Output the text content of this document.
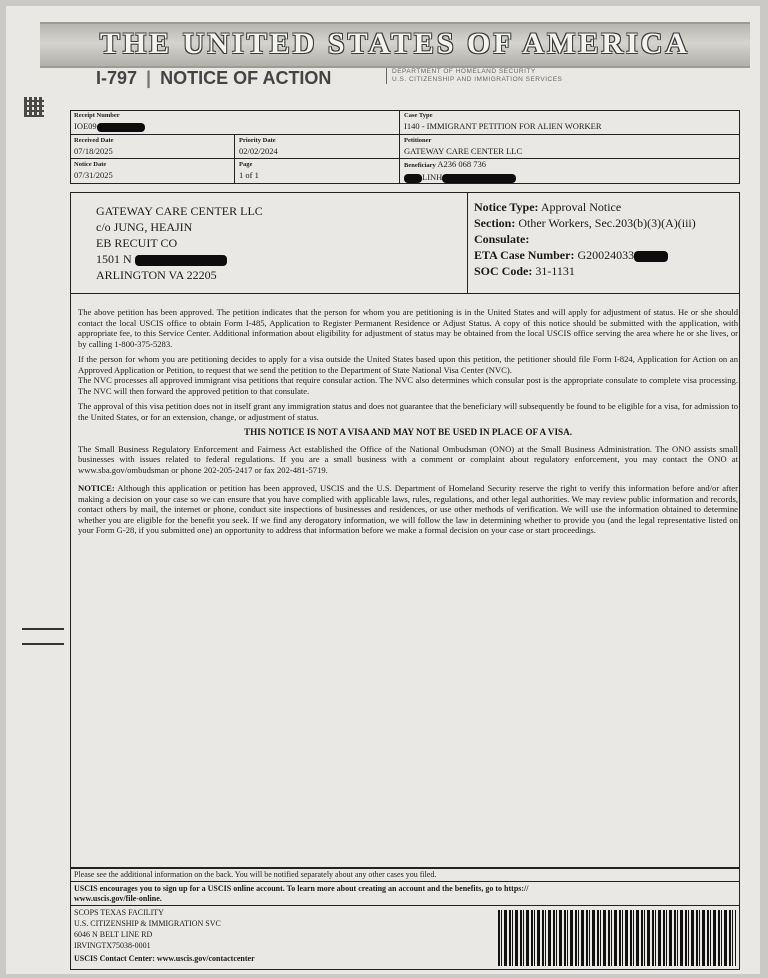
THE UNITED STATES OF AMERICA
I-797 | NOTICE OF ACTION	DEPARTMENT OF HOMELAND SECURITY
U.S. CITIZENSHIP AND IMMIGRATION SERVICES
Receipt Number
IOE09
Received Date
07/18/2025
Priority Date
02/02/2024
Notice Date
07/31/2025
Page
1 of 1
Case Type
I140 - IMMIGRANT PETITION FOR ALIEN WORKER
Petitioner
GATEWAY CARE CENTER LLC
Beneficiary A236 068 736
LINH
GATEWAY CARE CENTER LLC
c/o JUNG, HEAJIN
EB RECUIT CO
1501 N
ARLINGTON VA 22205
Notice Type: Approval Notice
Section: Other Workers, Sec.203(b)(3)(A)(iii)
Consulate:
ETA Case Number: G20024033
SOC Code: 31-1131

The above petition has been approved. The petition indicates that the person for whom you are petitioning is in the United States and will apply for adjustment of status. He or she should contact the local USCIS office to obtain Form I-485, Application to Register Permanent Residence or Adjust Status. A copy of this notice should be submitted with the application, with appropriate fee, to this Service Center. Additional information about eligibility for adjustment of status may be obtained from the local USCIS office serving the area where he or she lives, or by calling 1-800-375-5283.

If the person for whom you are petitioning decides to apply for a visa outside the United States based upon this petition, the petitioner should file Form I-824, Application for Action on an Approved Application or Petition, to request that we send the petition to the Department of State National Visa Center (NVC).

The NVC processes all approved immigrant visa petitions that require consular action. The NVC also determines which consular post is the appropriate consulate to complete visa processing. The NVC will then forward the approved petition to that consulate.

The approval of this visa petition does not in itself grant any immigration status and does not guarantee that the beneficiary will subsequently be found to be eligible for a visa, for admission to the United States, or for an extension, change, or adjustment of status.

THIS NOTICE IS NOT A VISA AND MAY NOT BE USED IN PLACE OF A VISA.

The Small Business Regulatory Enforcement and Fairness Act established the Office of the National Ombudsman (ONO) at the Small Business Administration. The ONO assists small businesses with issues related to federal regulations. If you are a small business with a comment or complaint about regulatory enforcement, you may contact the ONO at www.sba.gov/ombudsman or phone 202-205-2417 or fax 202-481-5719.

NOTICE: Although this application or petition has been approved, USCIS and the U.S. Department of Homeland Security reserve the right to verify this information before and/or after making a decision on your case so we can ensure that you have complied with applicable laws, rules, regulations, and other legal authorities. We may review public information and records, contact others by mail, the internet or phone, conduct site inspections of businesses and residences, or use other methods of verification. We will use the information obtained to determine whether you are eligible for the benefit you seek. If we find any derogatory information, we will follow the law in determining whether to provide you (and the legal representative listed on your Form G-28, if you submitted one) an opportunity to address that information before we make a formal decision on your case or start proceedings.

Please see the additional information on the back. You will be notified separately about any other cases you filed.
USCIS encourages you to sign up for a USCIS online account. To learn more about creating an account and the benefits, go to https://
www.uscis.gov/file-online.
SCOPS TEXAS FACILITY
U.S. CITIZENSHIP & IMMIGRATION SVC
6046 N BELT LINE RD
IRVINGTX75038-0001
USCIS Contact Center: www.uscis.gov/contactcenter
